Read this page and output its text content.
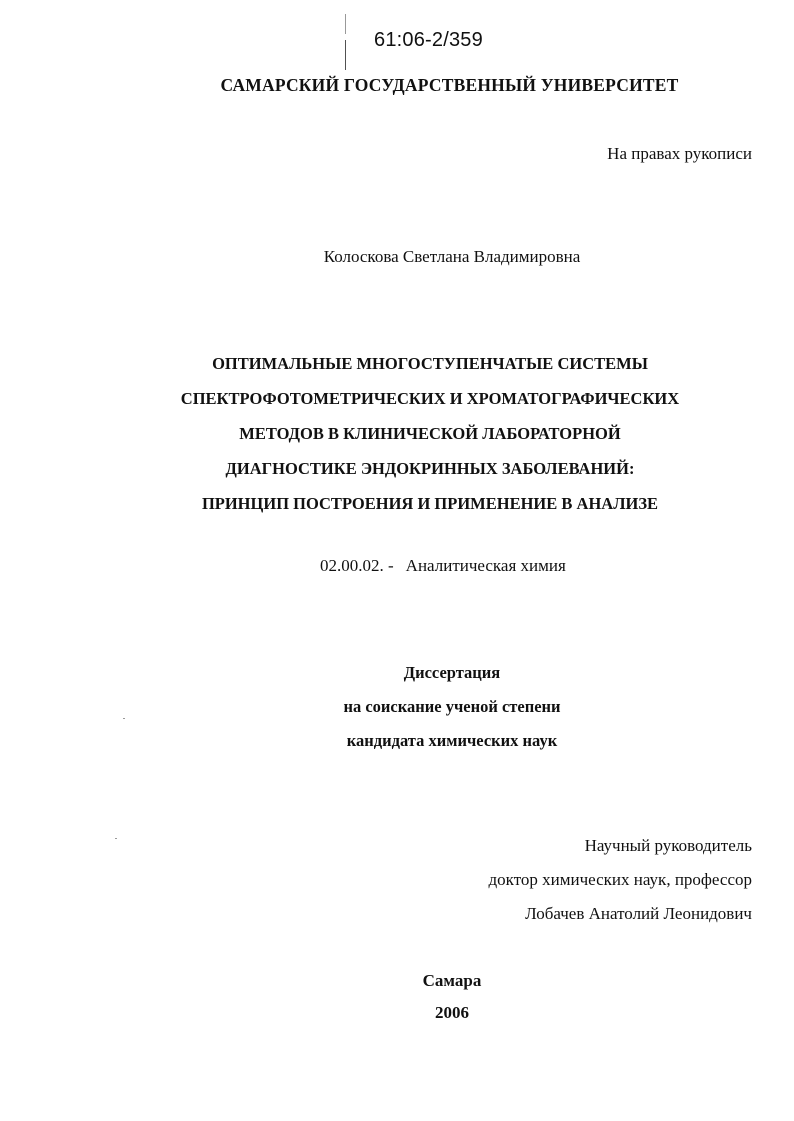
61:06-2/359
САМАРСКИЙ ГОСУДАРСТВЕННЫЙ УНИВЕРСИТЕТ
На правах рукописи
Колоскова Светлана Владимировна
ОПТИМАЛЬНЫЕ МНОГОСТУПЕНЧАТЫЕ СИСТЕМЫ
СПЕКТРОФОТОМЕТРИЧЕСКИХ И ХРОМАТОГРАФИЧЕСКИХ
МЕТОДОВ В КЛИНИЧЕСКОЙ ЛАБОРАТОРНОЙ
ДИАГНОСТИКЕ ЭНДОКРИННЫХ ЗАБОЛЕВАНИЙ:
ПРИНЦИП ПОСТРОЕНИЯ И ПРИМЕНЕНИЕ В АНАЛИЗЕ
02.00.02. - Аналитическая химия
Диссертация
на соискание ученой степени
кандидата химических наук
Научный руководитель
доктор химических наук, профессор
Лобачев Анатолий Леонидович
Самара
2006
